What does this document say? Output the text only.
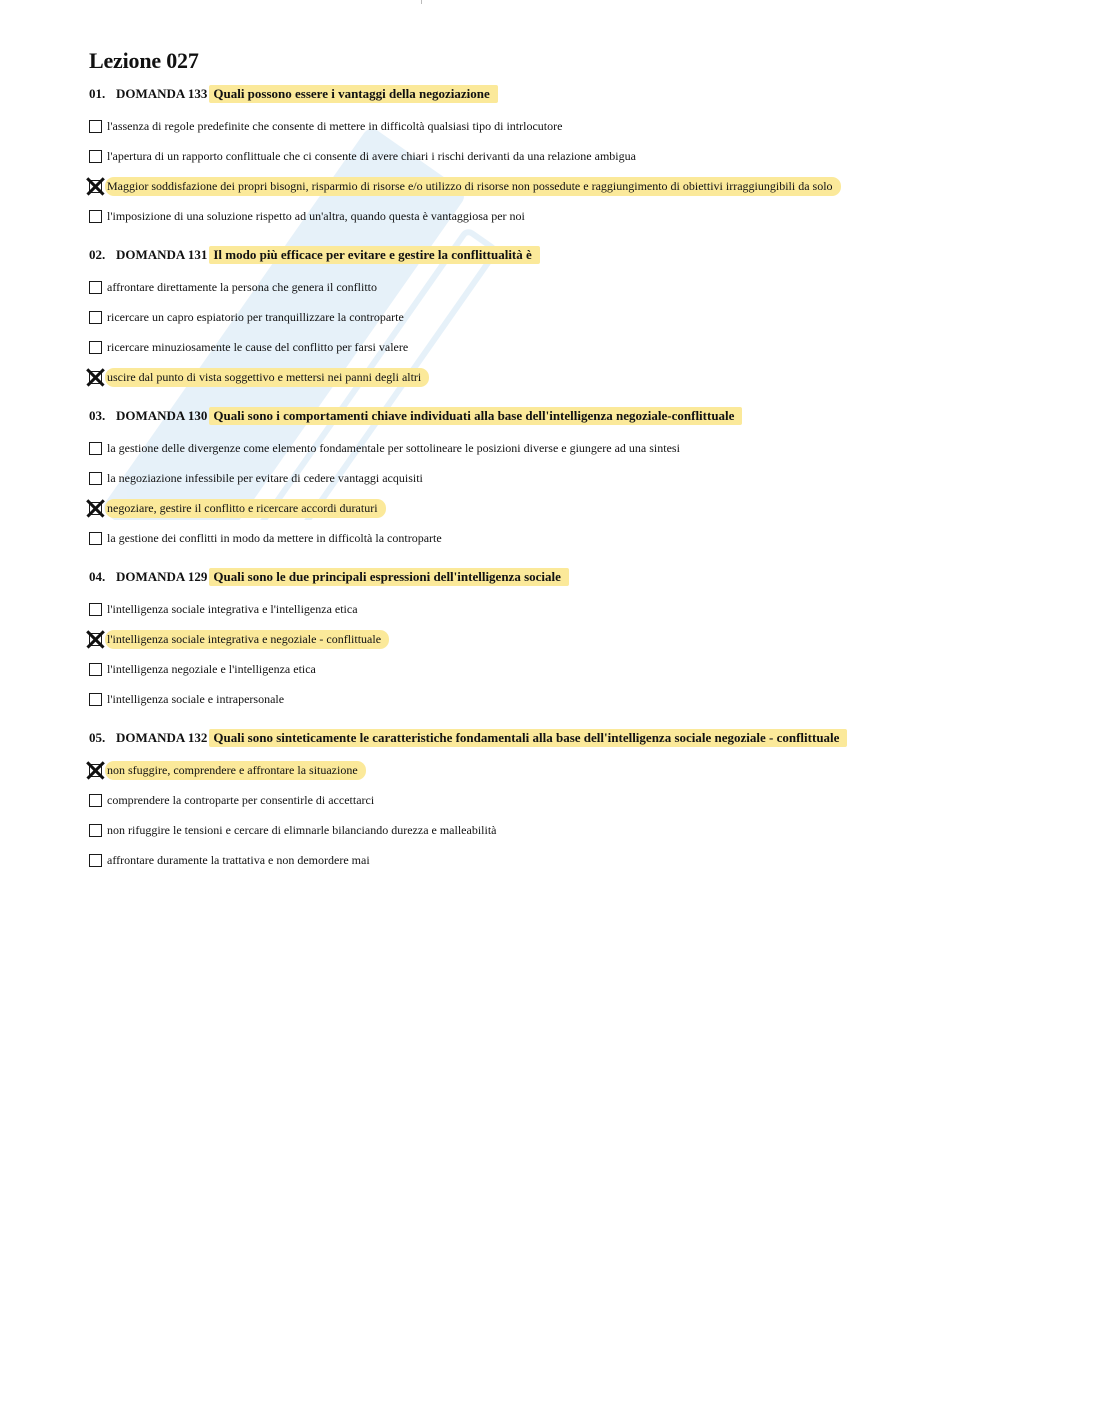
Lezione 027
01. DOMANDA 133 Quali possono essere i vantaggi della negoziazione
l'assenza di regole predefinite che consente di mettere in difficoltà qualsiasi tipo di intrlocutore
l'apertura di un rapporto conflittuale che ci consente di avere chiari i rischi derivanti da una relazione ambigua
Maggior soddisfazione dei propri bisogni, risparmio di risorse e/o utilizzo di risorse non possedute e raggiungimento di obiettivi irraggiungibili da solo
l'imposizione di una soluzione rispetto ad un'altra, quando questa è vantaggiosa per noi
02. DOMANDA 131 Il modo più efficace per evitare e gestire la conflittualità è
affrontare direttamente la persona che genera il conflitto
ricercare un capro espiatorio per tranquillizzare la controparte
ricercare minuziosamente le cause del conflitto per farsi valere
uscire dal punto di vista soggettivo e mettersi nei panni degli altri
03. DOMANDA 130 Quali sono i comportamenti chiave individuati alla base dell'intelligenza negoziale-conflittuale
la gestione delle divergenze come elemento fondamentale per sottolineare le posizioni diverse e giungere ad una sintesi
la negoziazione infessibile per evitare di cedere vantaggi acquisiti
negoziare, gestire il conflitto e ricercare accordi duraturi
la gestione dei conflitti in modo da mettere in difficoltà la controparte
04. DOMANDA 129 Quali sono le due principali espressioni dell'intelligenza sociale
l'intelligenza sociale integrativa e l'intelligenza etica
l'intelligenza sociale integrativa e negoziale - conflittuale
l'intelligenza negoziale e l'intelligenza etica
l'intelligenza sociale e intrapersonale
05. DOMANDA 132 Quali sono sinteticamente le caratteristiche fondamentali alla base dell'intelligenza sociale negoziale - conflittuale
non sfuggire, comprendere e affrontare la situazione
comprendere la controparte per consentirle di accettarci
non rifuggire le tensioni e cercare di elimnarle bilanciando durezza e malleabilità
affrontare duramente la trattativa e non demordere mai
